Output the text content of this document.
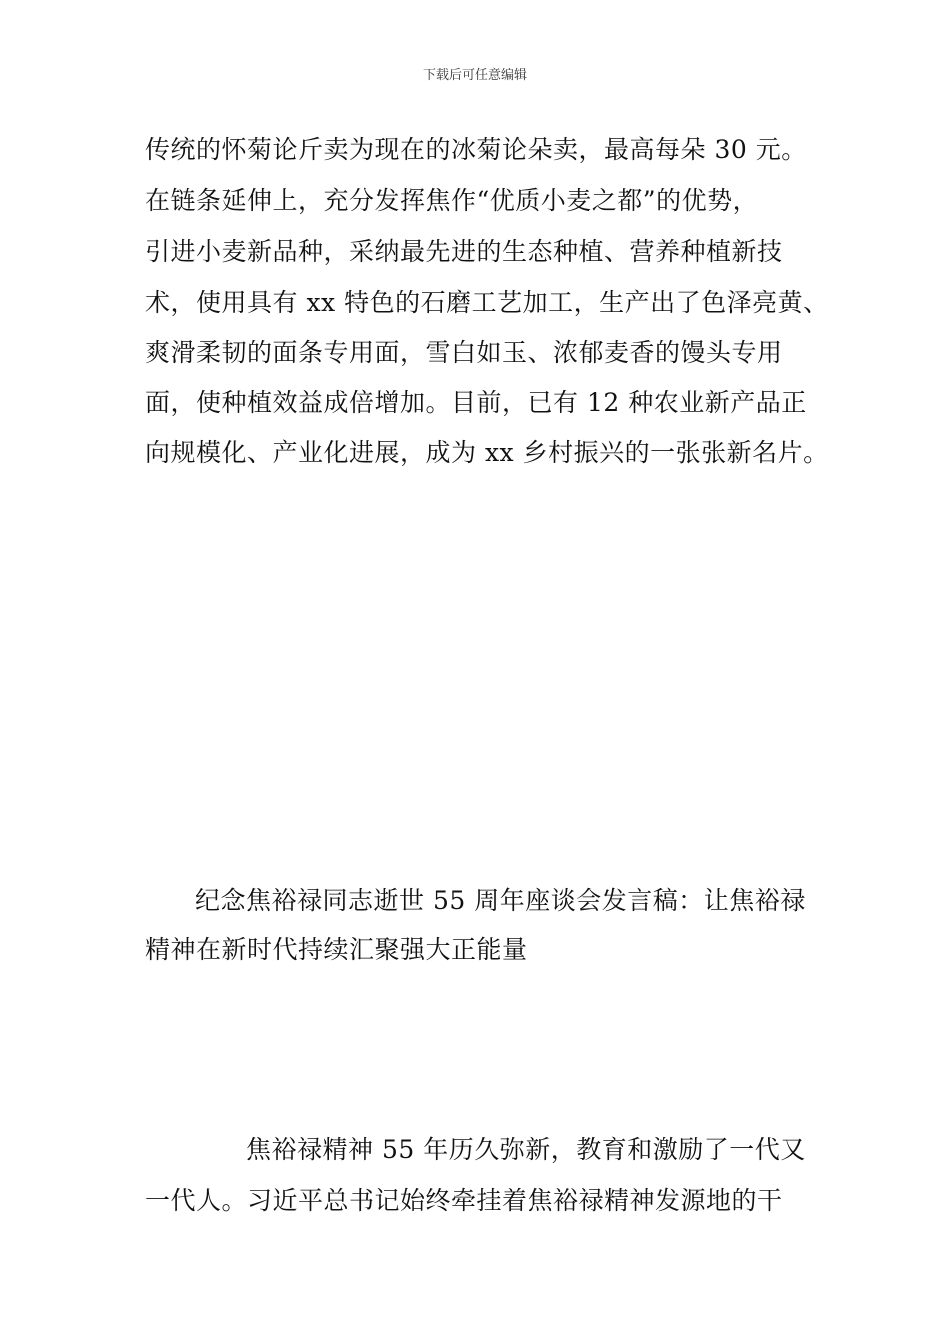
下载后可任意编辑
传统的怀菊论斤卖为现在的冰菊论朵卖，最高每朵 30 元。
在链条延伸上，充分发挥焦作“优质小麦之都”的优势，
引进小麦新品种，采纳最先进的生态种植、营养种植新技
术，使用具有 xx 特色的石磨工艺加工，生产出了色泽亮黄、
爽滑柔韧的面条专用面，雪白如玉、浓郁麦香的馒头专用
面，使种植效益成倍增加。目前，已有 12 种农业新产品正
向规模化、产业化进展，成为 xx 乡村振兴的一张张新名片。
纪念焦裕禄同志逝世 55 周年座谈会发言稿：让焦裕禄
精神在新时代持续汇聚强大正能量
焦裕禄精神 55 年历久弥新，教育和激励了一代又
一代人。习近平总书记始终牵挂着焦裕禄精神发源地的干
